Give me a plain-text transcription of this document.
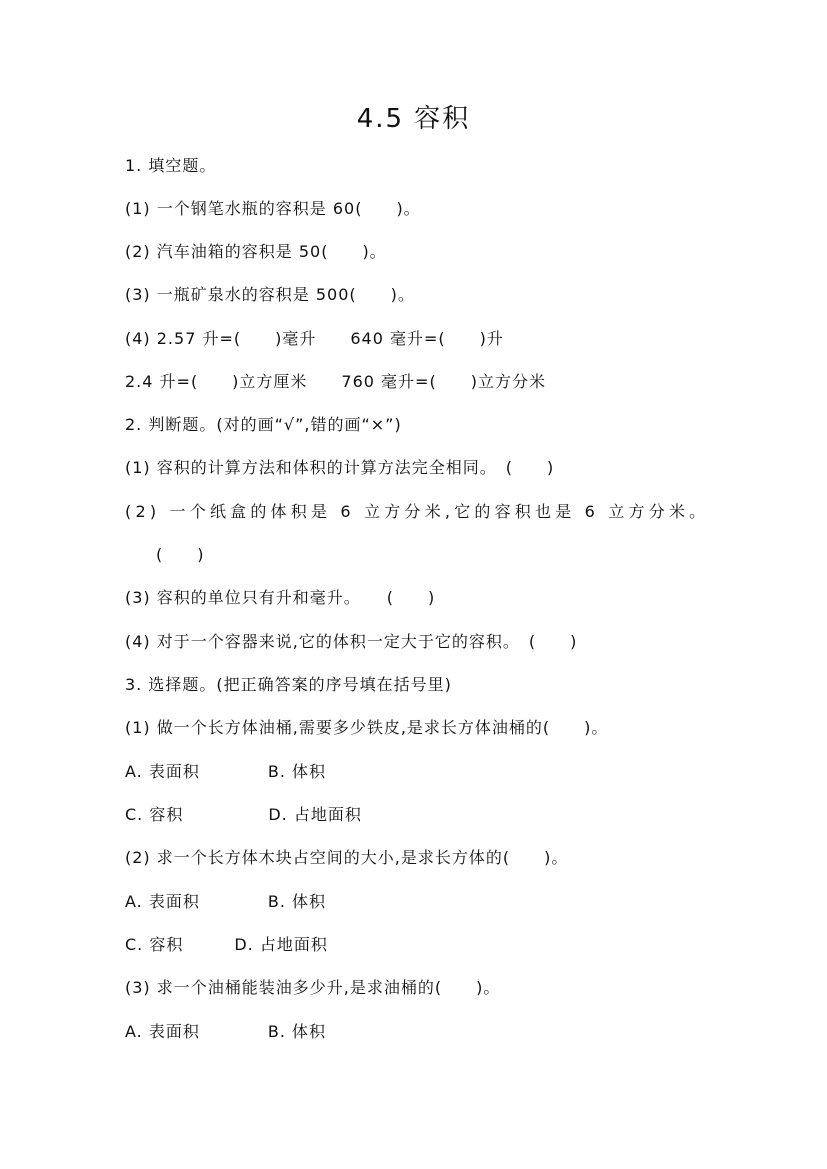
4.5 容积
1. 填空题。
(1) 一个钢笔水瓶的容积是 60(　　)。
(2) 汽车油箱的容积是 50(　　)。
(3) 一瓶矿泉水的容积是 500(　　)。
(4) 2.57 升=(　　)毫升　　640 毫升=(　　)升
2.4 升=(　　)立方厘米　　760 毫升=(　　)立方分米
2. 判断题。(对的画“√”,错的画“×”)
(1) 容积的计算方法和体积的计算方法完全相同。　(　　)
(2) 一个纸盒的体积是 6 立方分米,它的容积也是 6 立方分米。
(　　)
(3) 容积的单位只有升和毫升。　　(　　)
(4) 对于一个容器来说,它的体积一定大于它的容积。　(　　)
3. 选择题。(把正确答案的序号填在括号里)
(1) 做一个长方体油桶,需要多少铁皮,是求长方体油桶的(　　)。
A. 表面积　　　　B. 体积
C. 容积　　　　　D. 占地面积
(2) 求一个长方体木块占空间的大小,是求长方体的(　　)。
A. 表面积　　　　B. 体积
C. 容积　　　D. 占地面积
(3) 求一个油桶能装油多少升,是求油桶的(　　)。
A. 表面积　　　　B. 体积
